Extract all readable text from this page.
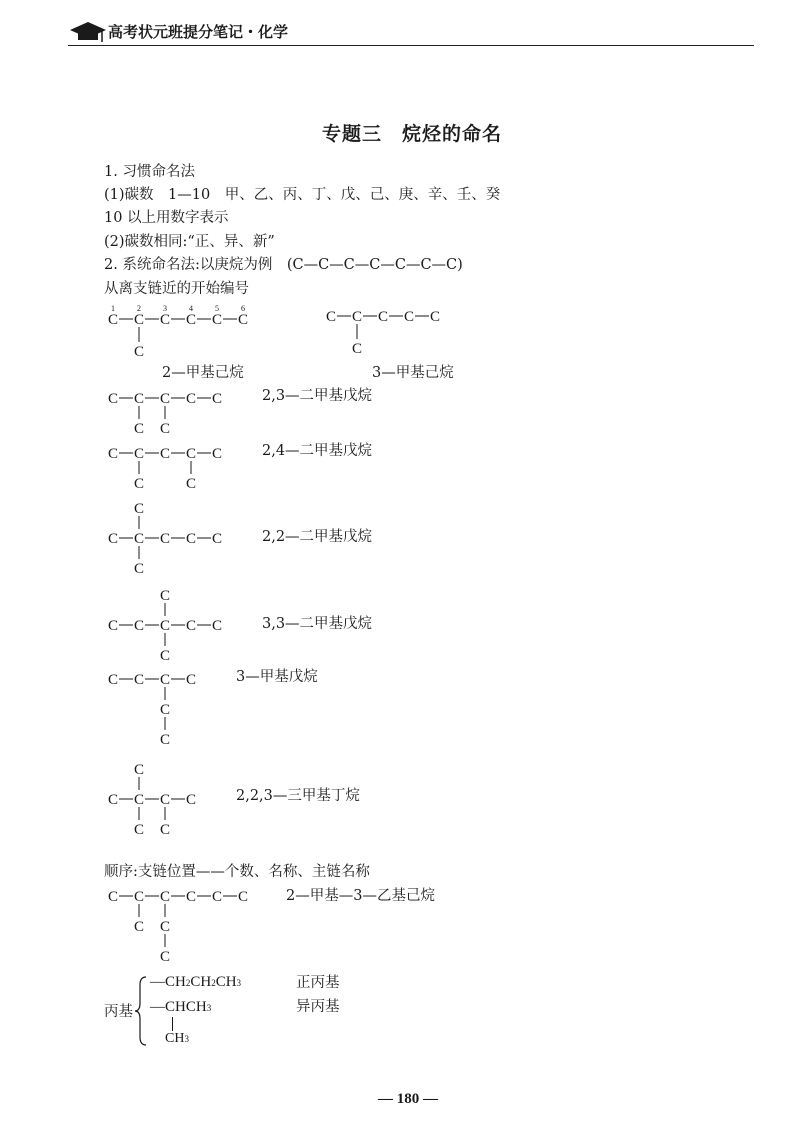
高考状元班提分笔记・化学
专题三　烷烃的命名
1. 习惯命名法
(1)碳数　1—10　甲、乙、丙、丁、戊、己、庚、辛、壬、癸
10 以上用数字表示
(2)碳数相同:“正、异、新”
2. 系统命名法:以庚烷为例　(C—C—C—C—C—C—C)
从离支链近的开始编号
1	2	3	4	5	6
C C C C C C
C
C C C C C
C
2—甲基己烷	3—甲基己烷
C C C C C
C C
2,3—二甲基戊烷
C C C C C
C	C
2,4—二甲基戊烷
C
C C C C C
C
2,2—二甲基戊烷
C
C C C C C
C
3,3—二甲基戊烷
C C C C
C
C
3—甲基戊烷
C
C C C C
C C
2,2,3—三甲基丁烷
顺序:支链位置——个数、名称、主链名称
C C C C C C
C C
C
2—甲基—3—乙基己烷
丙基
—CH2CH2CH3	正丙基
—CHCH3	异丙基
CH3
— 180 —
